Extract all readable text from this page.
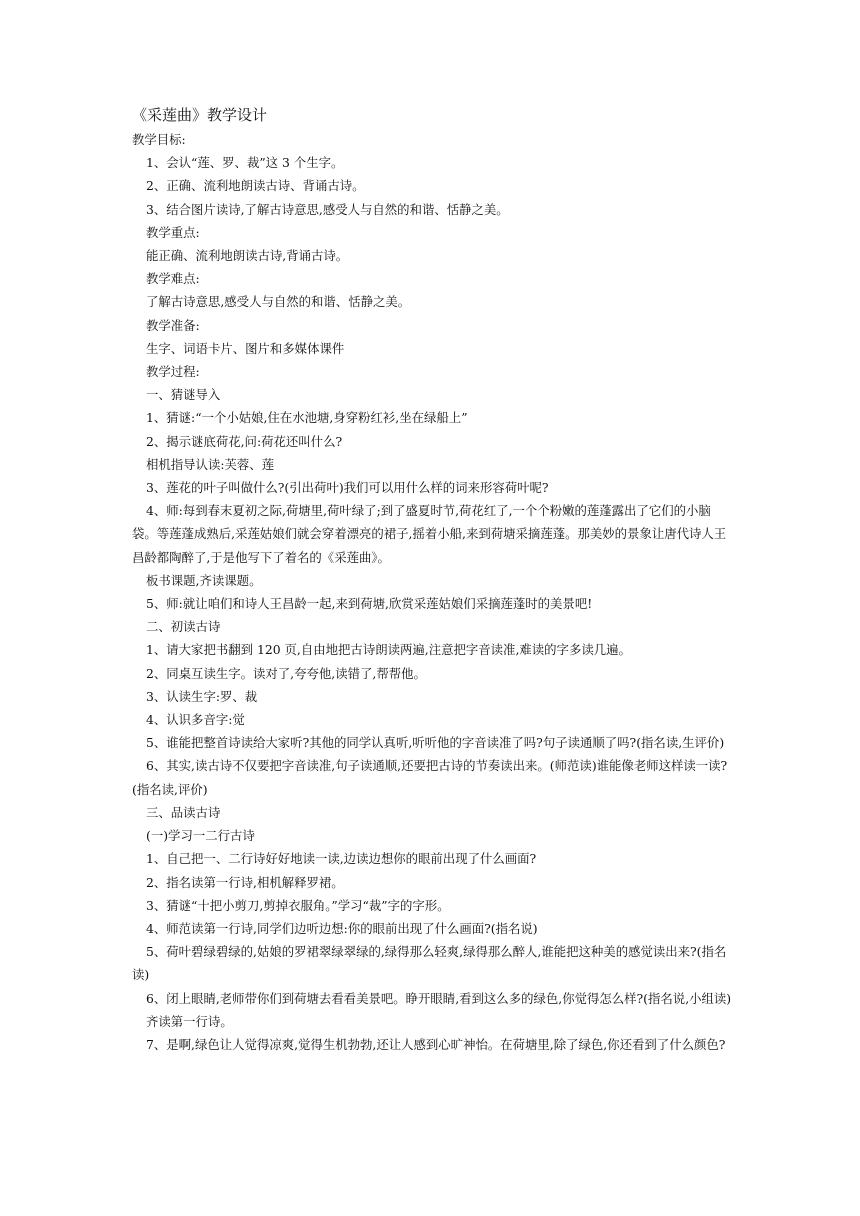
《采莲曲》教学设计
教学目标:
1、会认“莲、罗、裁”这 3 个生字。
2、正确、流利地朗读古诗、背诵古诗。
3、结合图片读诗,了解古诗意思,感受人与自然的和谐、恬静之美。
教学重点:
能正确、流利地朗读古诗,背诵古诗。
教学难点:
了解古诗意思,感受人与自然的和谐、恬静之美。
教学准备:
生字、词语卡片、图片和多媒体课件
教学过程:
一、猜谜导入
1、猜谜:“一个小姑娘,住在水池塘,身穿粉红衫,坐在绿船上”
2、揭示谜底荷花,问:荷花还叫什么?
相机指导认读:芙蓉、莲
3、莲花的叶子叫做什么?(引出荷叶)我们可以用什么样的词来形容荷叶呢?
4、师:每到春末夏初之际,荷塘里,荷叶绿了;到了盛夏时节,荷花红了,一个个粉嫩的莲蓬露出了它们的小脑袋。等莲蓬成熟后,采莲姑娘们就会穿着漂亮的裙子,摇着小船,来到荷塘采摘莲蓬。那美妙的景象让唐代诗人王昌龄都陶醉了,于是他写下了着名的《采莲曲》。
板书课题,齐读课题。
5、师:就让咱们和诗人王昌龄一起,来到荷塘,欣赏采莲姑娘们采摘莲蓬时的美景吧!
二、初读古诗
1、请大家把书翻到 120 页,自由地把古诗朗读两遍,注意把字音读准,难读的字多读几遍。
2、同桌互读生字。读对了,夸夸他,读错了,帮帮他。
3、认读生字:罗、裁
4、认识多音字:觉
5、谁能把整首诗读给大家听?其他的同学认真听,听听他的字音读准了吗?句子读通顺了吗?(指名读,生评价)
6、其实,读古诗不仅要把字音读准,句子读通顺,还要把古诗的节奏读出来。(师范读)谁能像老师这样读一读?(指名读,评价)
三、品读古诗
(一)学习一二行古诗
1、自己把一、二行诗好好地读一读,边读边想你的眼前出现了什么画面?
2、指名读第一行诗,相机解释罗裙。
3、猜谜“十把小剪刀,剪掉衣服角。”学习“裁”字的字形。
4、师范读第一行诗,同学们边听边想:你的眼前出现了什么画面?(指名说)
5、荷叶碧绿碧绿的,姑娘的罗裙翠绿翠绿的,绿得那么轻爽,绿得那么醉人,谁能把这种美的感觉读出来?(指名读)
6、闭上眼睛,老师带你们到荷塘去看看美景吧。睁开眼睛,看到这么多的绿色,你觉得怎么样?(指名说,小组读)
齐读第一行诗。
7、是啊,绿色让人觉得凉爽,觉得生机勃勃,还让人感到心旷神怡。在荷塘里,除了绿色,你还看到了什么颜色?
